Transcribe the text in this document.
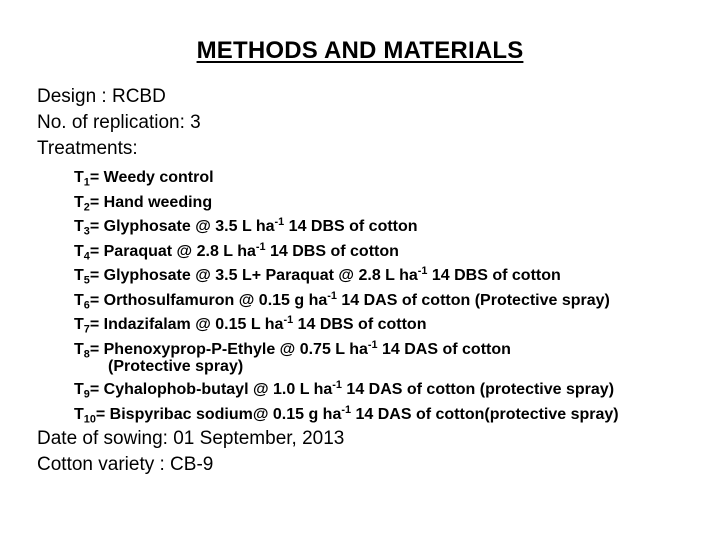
METHODS AND MATERIALS
Design : RCBD
No. of replication: 3
Treatments:
$T_1=$ Weedy control
$T_2=$ Hand weeding
$T_3=$ Glyphosate @ 3.5 L $ha^{-1}$ 14 DBS of cotton
$T_4=$ Paraquat @ 2.8 L $ha^{-1}$ 14 DBS of cotton
$T_5=$ Glyphosate @ 3.5 L+ Paraquat @ 2.8 L $ha^{-1}$ 14 DBS of cotton
$T_6=$ Orthosulfamuron @ 0.15 g $ha^{-1}$ 14 DAS of cotton (Protective spray)
$T_7=$ Indazifalam @ 0.15 L $ha^{-1}$ 14 DBS of cotton
$T_8=$ Phenoxyprop-P-Ethyle @ 0.75 L $ha^{-1}$ 14 DAS of cotton
(Protective spray)
$T_9=$ Cyhalophob-butayl @ 1.0 L $ha^{-1}$ 14 DAS of cotton (protective spray)
$T_{10}=$ Bispyribac sodium@ 0.15 g $ha^{-1}$ 14 DAS of cotton(protective spray)
Date of sowing: 01 September, 2013
Cotton variety : CB-9
